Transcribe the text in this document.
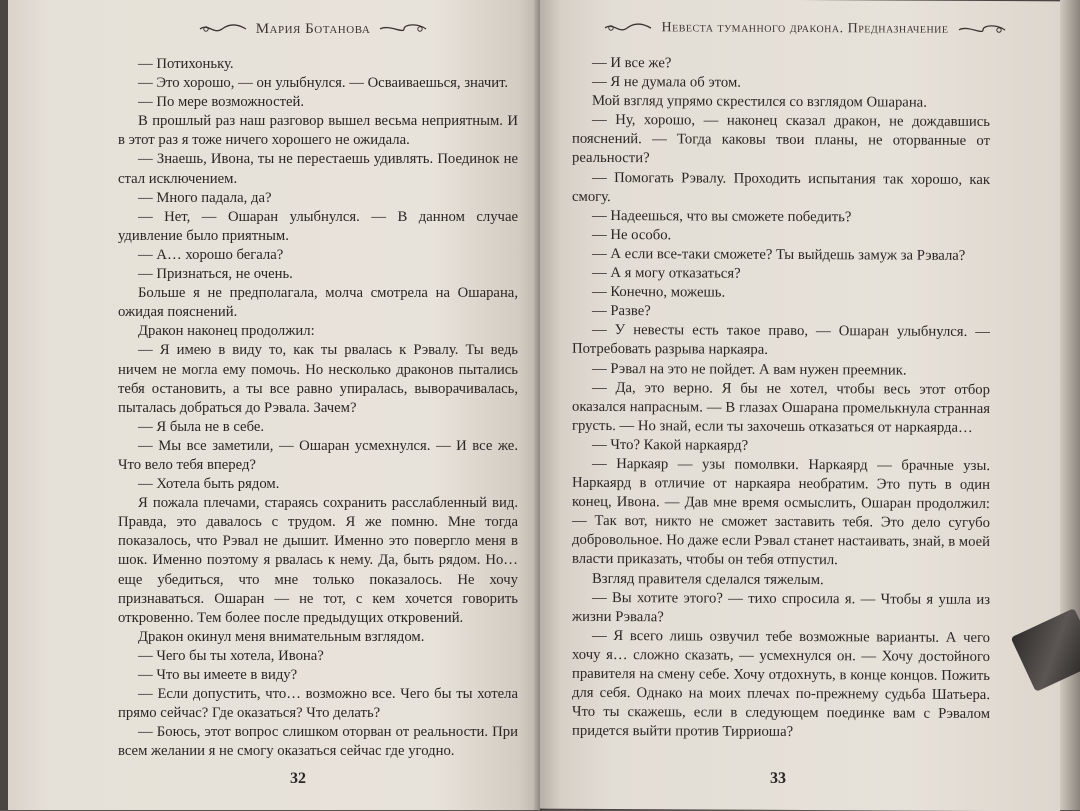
Мария Ботанова

— Потихоньку.

— Это хорошо, — он улыбнулся. — Осваиваешься, значит.

— По мере возможностей.

В прошлый раз наш разговор вышел весьма неприятным. И в этот раз я тоже ничего хорошего не ожидала.

— Знаешь, Ивона, ты не перестаешь удивлять. Поединок не стал исключением.

— Много падала, да?

— Нет, — Ошаран улыбнулся. — В данном случае удивление было приятным.

— А… хорошо бегала?

— Признаться, не очень.

Больше я не предполагала, молча смотрела на Ошарана, ожидая пояснений.

Дракон наконец продолжил:

— Я имею в виду то, как ты рвалась к Рэвалу. Ты ведь ничем не могла ему помочь. Но несколько драконов пытались тебя остановить, а ты все равно упиралась, выворачивалась, пыталась добраться до Рэвала. Зачем?

— Я была не в себе.

— Мы все заметили, — Ошаран усмехнулся. — И все же. Что вело тебя вперед?

— Хотела быть рядом.

Я пожала плечами, стараясь сохранить расслабленный вид. Правда, это давалось с трудом. Я же помню. Мне тогда показалось, что Рэвал не дышит. Именно это повергло меня в шок. Именно поэтому я рвалась к нему. Да, быть рядом. Но… еще убедиться, что мне только показалось. Не хочу признаваться. Ошаран — не тот, с кем хочется говорить откровенно. Тем более после предыдущих откровений.

Дракон окинул меня внимательным взглядом.

— Чего бы ты хотела, Ивона?

— Что вы имеете в виду?

— Если допустить, что… возможно все. Чего бы ты хотела прямо сейчас? Где оказаться? Что делать?

— Боюсь, этот вопрос слишком оторван от реальности. При всем желании я не смогу оказаться сейчас где угодно.

32
Невеста туманного дракона. Предназначение

— И все же?

— Я не думала об этом.

Мой взгляд упрямо скрестился со взглядом Ошарана.

— Ну, хорошо, — наконец сказал дракон, не дождавшись пояснений. — Тогда каковы твои планы, не оторванные от реальности?

— Помогать Рэвалу. Проходить испытания так хорошо, как смогу.

— Надеешься, что вы сможете победить?

— Не особо.

— А если все-таки сможете? Ты выйдешь замуж за Рэвала?

— А я могу отказаться?

— Конечно, можешь.

— Разве?

— У невесты есть такое право, — Ошаран улыбнулся. — Потребовать разрыва наркаяра.

— Рэвал на это не пойдет. А вам нужен преемник.

— Да, это верно. Я бы не хотел, чтобы весь этот отбор оказался напрасным. — В глазах Ошарана промелькнула странная грусть. — Но знай, если ты захочешь отказаться от наркаярда…

— Что? Какой наркаярд?

— Наркаяр — узы помолвки. Наркаярд — брачные узы. Наркаярд в отличие от наркаяра необратим. Это путь в один конец, Ивона. — Дав мне время осмыслить, Ошаран продолжил: — Так вот, никто не сможет заставить тебя. Это дело сугубо добровольное. Но даже если Рэвал станет настаивать, знай, в моей власти приказать, чтобы он тебя отпустил.

Взгляд правителя сделался тяжелым.

— Вы хотите этого? — тихо спросила я. — Чтобы я ушла из жизни Рэвала?

— Я всего лишь озвучил тебе возможные варианты. А чего хочу я… сложно сказать, — усмехнулся он. — Хочу достойного правителя на смену себе. Хочу отдохнуть, в конце концов. Пожить для себя. Однако на моих плечах по-прежнему судьба Шатьера. Что ты скажешь, если в следующем поединке вам с Рэвалом придется выйти против Тирриоша?

33
